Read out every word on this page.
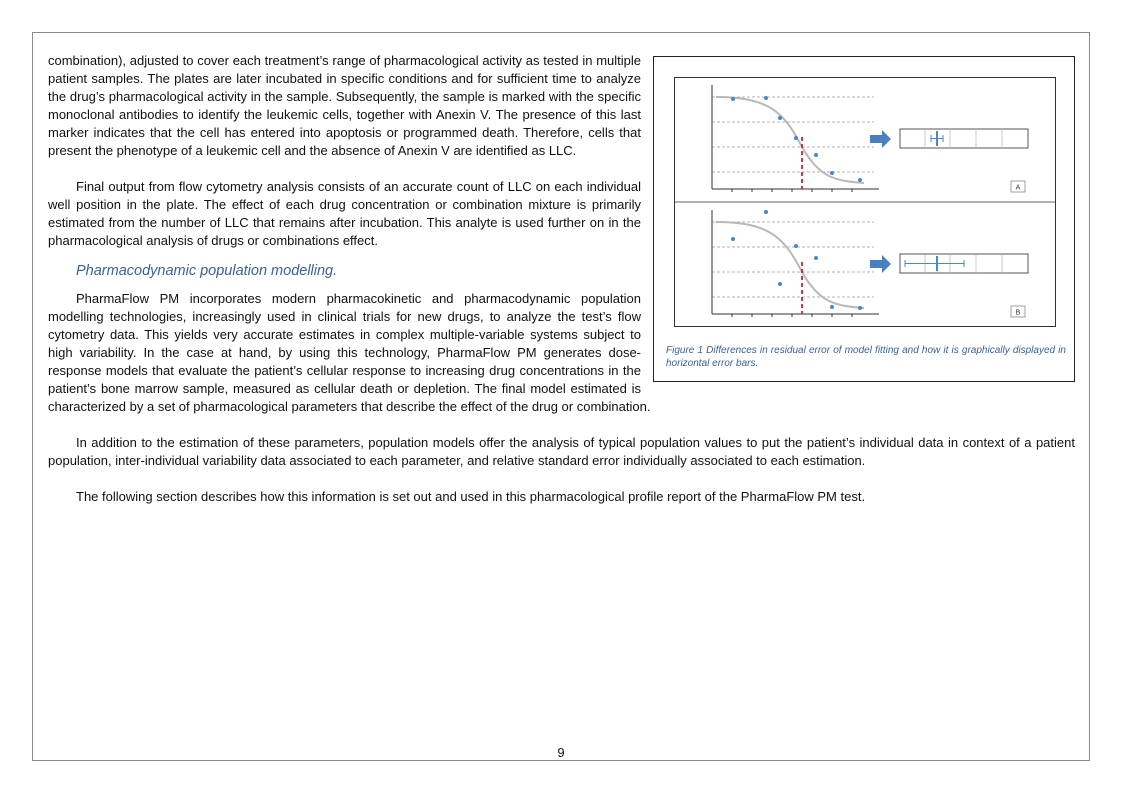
A
B
Figure 1 Differences in residual error of model fitting and how it is graphically displayed in horizontal error bars.

combination), adjusted to cover each treatment’s range of pharmacological activity as tested in multiple patient samples. The plates are later incubated in specific conditions and for sufficient time to analyze the drug’s pharmacological activity in the sample. Subsequently, the sample is marked with the specific monoclonal antibodies to identify the leukemic cells, together with Anexin V. The presence of this last marker indicates that the cell has entered into apoptosis or programmed death. Therefore, cells that present the phenotype of a leukemic cell and the absence of Anexin V are identified as LLC.

Final output from flow cytometry analysis consists of an accurate count of LLC on each individual well position in the plate. The effect of each drug concentration or combination mixture is primarily estimated from the number of LLC that remains after incubation. This analyte is used further on in the pharmacological analysis of drugs or combinations effect.

Pharmacodynamic population modelling.

PharmaFlow PM incorporates modern pharmacokinetic and pharmacodynamic population modelling technologies, increasingly used in clinical trials for new drugs, to analyze the test’s flow cytometry data. This yields very accurate estimates in complex multiple-variable systems subject to high variability. In the case at hand, by using this technology, PharmaFlow PM generates dose-response models that evaluate the patient’s cellular response to increasing drug concentrations in the patient’s bone marrow sample, measured as cellular death or depletion. The final model estimated is characterized by a set of pharmacological parameters that describe the effect of the drug or combination.

In addition to the estimation of these parameters, population models offer the analysis of typical population values to put the patient’s individual data in context of a patient population, inter-individual variability data associated to each parameter, and relative standard error individually associated to each estimation.

The following section describes how this information is set out and used in this pharmacological profile report of the PharmaFlow PM test.

9
